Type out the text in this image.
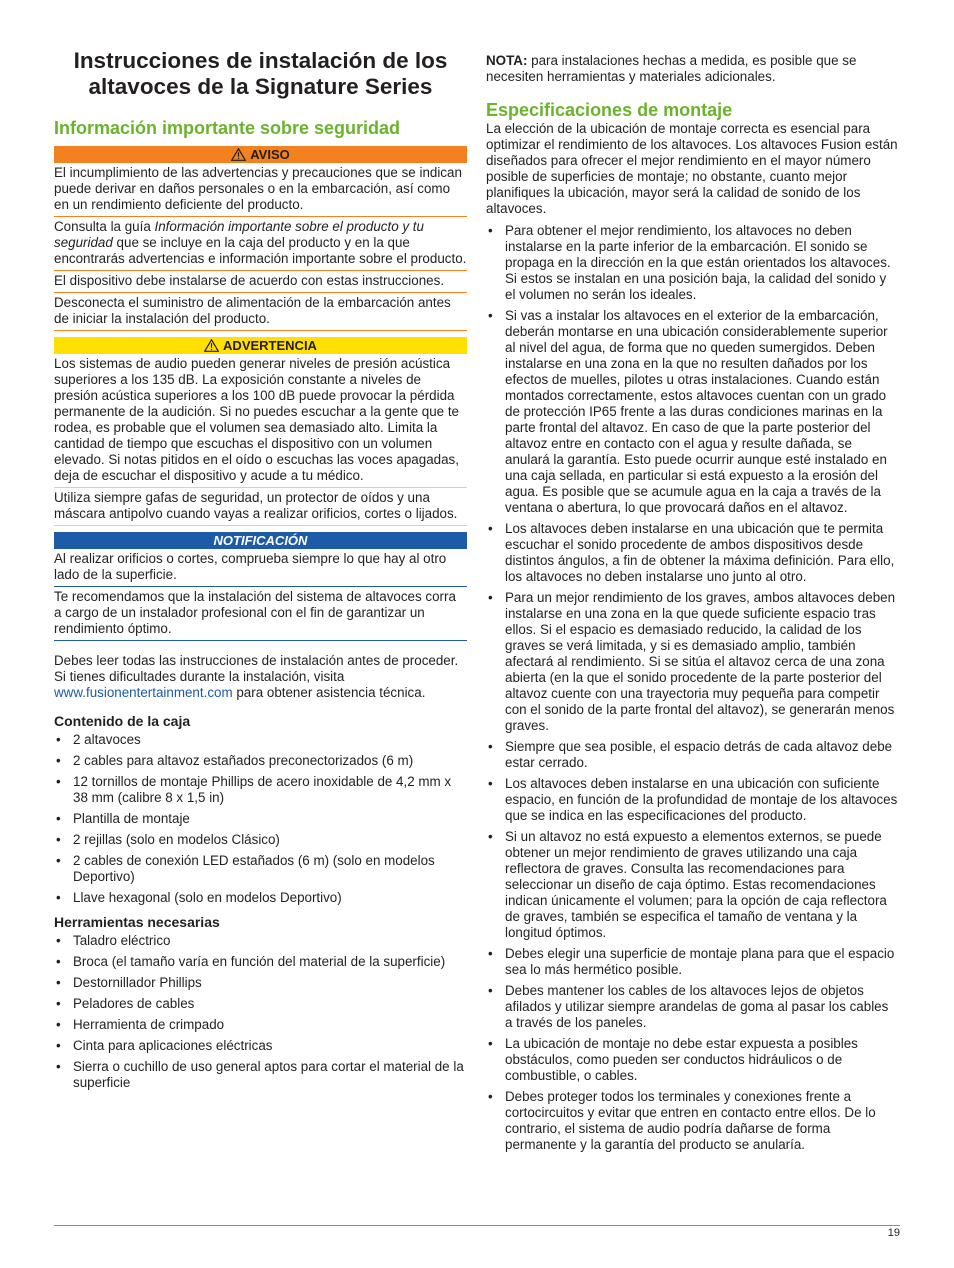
Instrucciones de instalación de los altavoces de la Signature Series
Información importante sobre seguridad
AVISO

El incumplimiento de las advertencias y precauciones que se indican puede derivar en daños personales o en la embarcación, así como en un rendimiento deficiente del producto.

Consulta la guía Información importante sobre el producto y tu seguridad que se incluye en la caja del producto y en la que encontrarás advertencias e información importante sobre el producto.

El dispositivo debe instalarse de acuerdo con estas instrucciones.

Desconecta el suministro de alimentación de la embarcación antes de iniciar la instalación del producto.

ADVERTENCIA

Los sistemas de audio pueden generar niveles de presión acústica superiores a los 135 dB. La exposición constante a niveles de presión acústica superiores a los 100 dB puede provocar la pérdida permanente de la audición. Si no puedes escuchar a la gente que te rodea, es probable que el volumen sea demasiado alto. Limita la cantidad de tiempo que escuchas el dispositivo con un volumen elevado. Si notas pitidos en el oído o escuchas las voces apagadas, deja de escuchar el dispositivo y acude a tu médico.

Utiliza siempre gafas de seguridad, un protector de oídos y una máscara antipolvo cuando vayas a realizar orificios, cortes o lijados.

NOTIFICACIÓN

Al realizar orificios o cortes, comprueba siempre lo que hay al otro lado de la superficie.

Te recomendamos que la instalación del sistema de altavoces corra a cargo de un instalador profesional con el fin de garantizar un rendimiento óptimo.

Debes leer todas las instrucciones de instalación antes de proceder. Si tienes dificultades durante la instalación, visita www.fusionentertainment.com para obtener asistencia técnica.

Contenido de la caja
• 2 altavoces
• 2 cables para altavoz estañados preconectorizados (6 m)
• 12 tornillos de montaje Phillips de acero inoxidable de 4,2 mm x 38 mm (calibre 8 x 1,5 in)
• Plantilla de montaje
• 2 rejillas (solo en modelos Clásico)
• 2 cables de conexión LED estañados (6 m) (solo en modelos Deportivo)
• Llave hexagonal (solo en modelos Deportivo)
Herramientas necesarias
• Taladro eléctrico
• Broca (el tamaño varía en función del material de la superficie)
• Destornillador Phillips
• Peladores de cables
• Herramienta de crimpado
• Cinta para aplicaciones eléctricas
• Sierra o cuchillo de uso general aptos para cortar el material de la superficie

NOTA: para instalaciones hechas a medida, es posible que se necesiten herramientas y materiales adicionales.

Especificaciones de montaje

La elección de la ubicación de montaje correcta es esencial para optimizar el rendimiento de los altavoces. Los altavoces Fusion están diseñados para ofrecer el mejor rendimiento en el mayor número posible de superficies de montaje; no obstante, cuanto mejor planifiques la ubicación, mayor será la calidad de sonido de los altavoces.

• Para obtener el mejor rendimiento, los altavoces no deben instalarse en la parte inferior de la embarcación. El sonido se propaga en la dirección en la que están orientados los altavoces. Si estos se instalan en una posición baja, la calidad del sonido y el volumen no serán los ideales.
• Si vas a instalar los altavoces en el exterior de la embarcación, deberán montarse en una ubicación considerablemente superior al nivel del agua, de forma que no queden sumergidos. Deben instalarse en una zona en la que no resulten dañados por los efectos de muelles, pilotes u otras instalaciones. Cuando están montados correctamente, estos altavoces cuentan con un grado de protección IP65 frente a las duras condiciones marinas en la parte frontal del altavoz. En caso de que la parte posterior del altavoz entre en contacto con el agua y resulte dañada, se anulará la garantía. Esto puede ocurrir aunque esté instalado en una caja sellada, en particular si está expuesto a la erosión del agua. Es posible que se acumule agua en la caja a través de la ventana o abertura, lo que provocará daños en el altavoz.
• Los altavoces deben instalarse en una ubicación que te permita escuchar el sonido procedente de ambos dispositivos desde distintos ángulos, a fin de obtener la máxima definición. Para ello, los altavoces no deben instalarse uno junto al otro.
• Para un mejor rendimiento de los graves, ambos altavoces deben instalarse en una zona en la que quede suficiente espacio tras ellos. Si el espacio es demasiado reducido, la calidad de los graves se verá limitada, y si es demasiado amplio, también afectará al rendimiento. Si se sitúa el altavoz cerca de una zona abierta (en la que el sonido procedente de la parte posterior del altavoz cuente con una trayectoria muy pequeña para competir con el sonido de la parte frontal del altavoz), se generarán menos graves.
• Siempre que sea posible, el espacio detrás de cada altavoz debe estar cerrado.
• Los altavoces deben instalarse en una ubicación con suficiente espacio, en función de la profundidad de montaje de los altavoces que se indica en las especificaciones del producto.
• Si un altavoz no está expuesto a elementos externos, se puede obtener un mejor rendimiento de graves utilizando una caja reflectora de graves. Consulta las recomendaciones para seleccionar un diseño de caja óptimo. Estas recomendaciones indican únicamente el volumen; para la opción de caja reflectora de graves, también se especifica el tamaño de ventana y la longitud óptimos.
• Debes elegir una superficie de montaje plana para que el espacio sea lo más hermético posible.
• Debes mantener los cables de los altavoces lejos de objetos afilados y utilizar siempre arandelas de goma al pasar los cables a través de los paneles.
• La ubicación de montaje no debe estar expuesta a posibles obstáculos, como pueden ser conductos hidráulicos o de combustible, o cables.
• Debes proteger todos los terminales y conexiones frente a cortocircuitos y evitar que entren en contacto entre ellos. De lo contrario, el sistema de audio podría dañarse de forma permanente y la garantía del producto se anularía.
19
